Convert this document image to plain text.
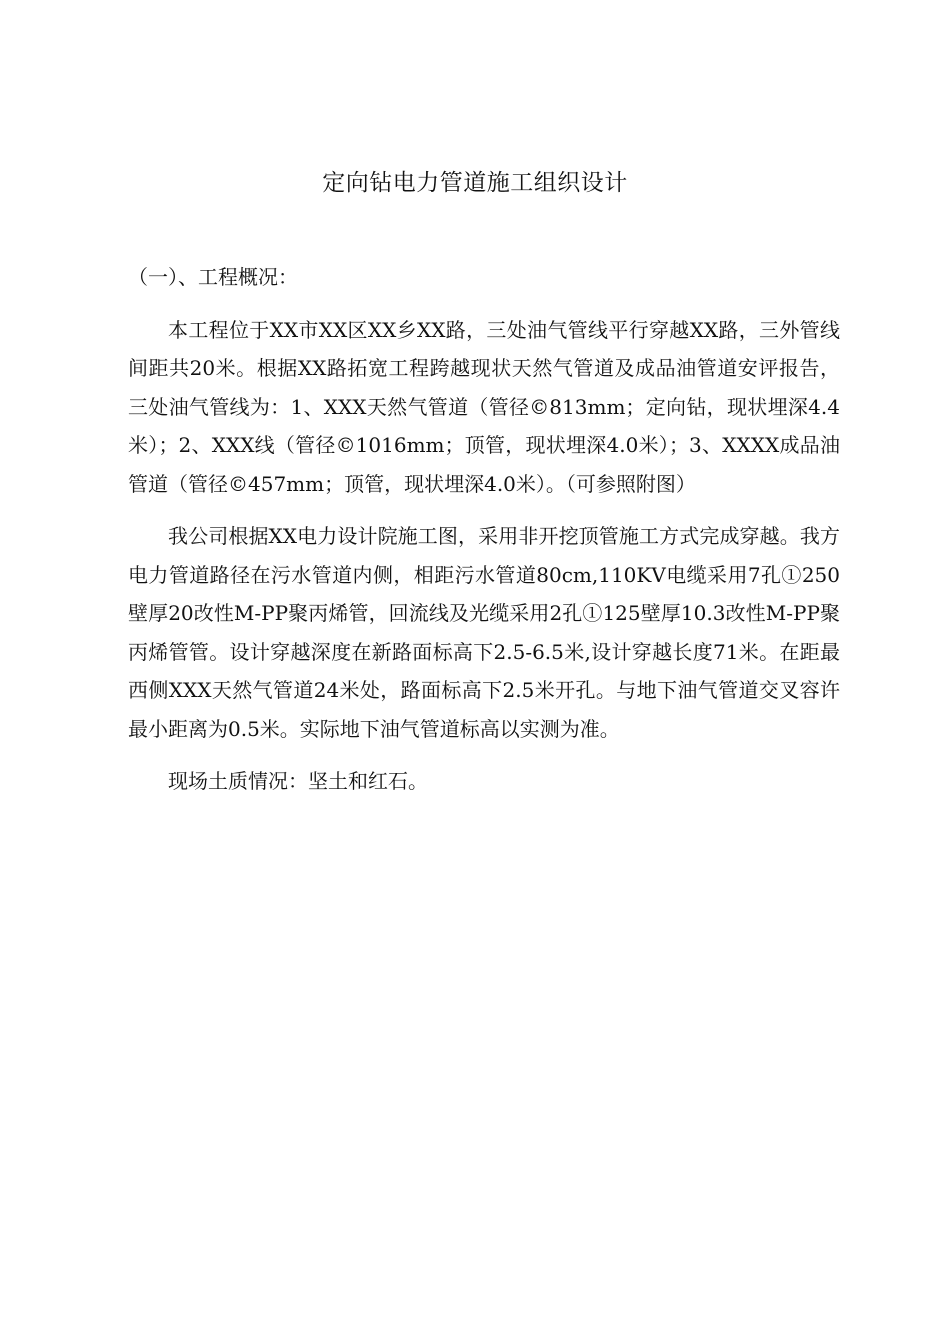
定向钻电力管道施工组织设计

（一）、工程概况：

本工程位于XX市XX区XX乡XX路，三处油气管线平行穿越XX路，三外管线间距共20米。根据XX路拓宽工程跨越现状天然气管道及成品油管道安评报告，三处油气管线为：1、XXX天然气管道（管径©813mm；定向钻，现状埋深4.4米）；2、XXX线（管径©1016mm；顶管，现状埋深4.0米）；3、XXXX成品油管道（管径©457mm；顶管，现状埋深4.0米）。（可参照附图）

我公司根据XX电力设计院施工图，采用非开挖顶管施工方式完成穿越。我方电力管道路径在污水管道内侧，相距污水管道80cm,110KV电缆采用7孔①250壁厚20改性M-PP聚丙烯管，回流线及光缆采用2孔①125壁厚10.3改性M-PP聚丙烯管管。设计穿越深度在新路面标高下2.5-6.5米,设计穿越长度71米。在距最西侧XXX天然气管道24米处，路面标高下2.5米开孔。与地下油气管道交叉容许最小距离为0.5米。实际地下油气管道标高以实测为准。

现场土质情况：坚土和红石。
